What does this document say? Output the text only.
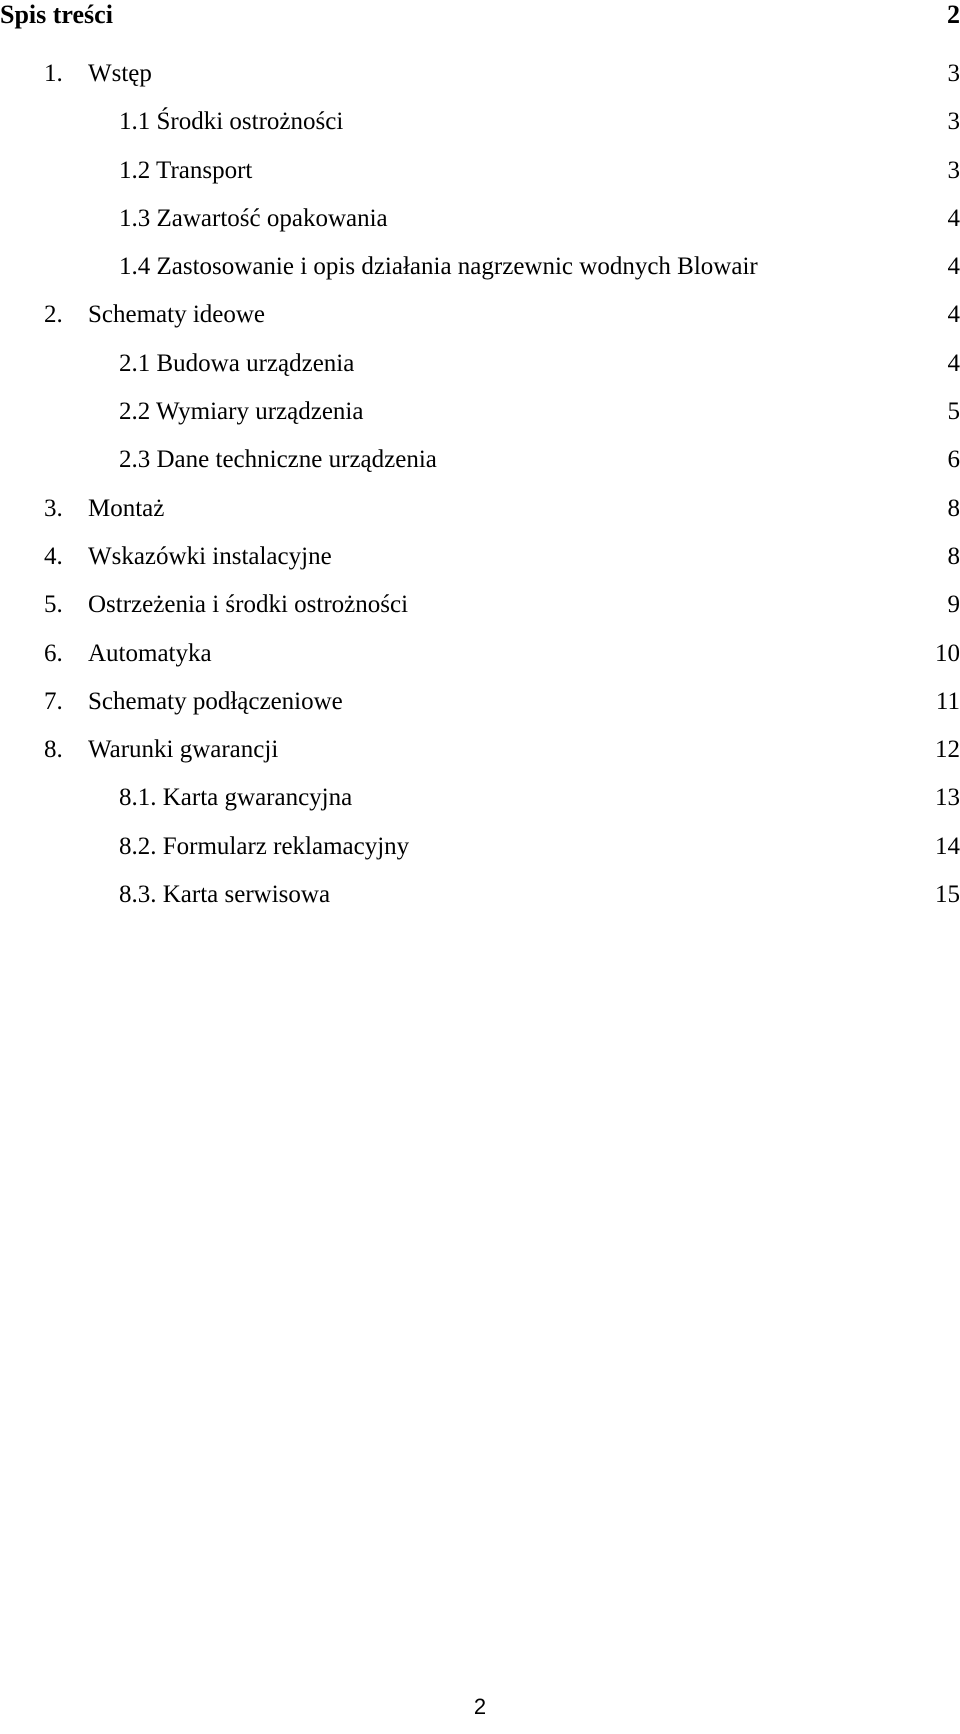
Spis treści	2
1. Wstęp	3
1.1 Środki ostrożności	3
1.2 Transport	3
1.3 Zawartość opakowania	4
1.4 Zastosowanie i opis działania nagrzewnic wodnych Blowair	4
2. Schematy ideowe	4
2.1 Budowa urządzenia	4
2.2 Wymiary urządzenia	5
2.3 Dane techniczne urządzenia	6
3. Montaż	8
4. Wskazówki instalacyjne	8
5. Ostrzeżenia i środki ostrożności	9
6. Automatyka	10
7. Schematy podłączeniowe	11
8. Warunki gwarancji	12
8.1. Karta gwarancyjna	13
8.2. Formularz reklamacyjny	14
8.3. Karta serwisowa	15
2
